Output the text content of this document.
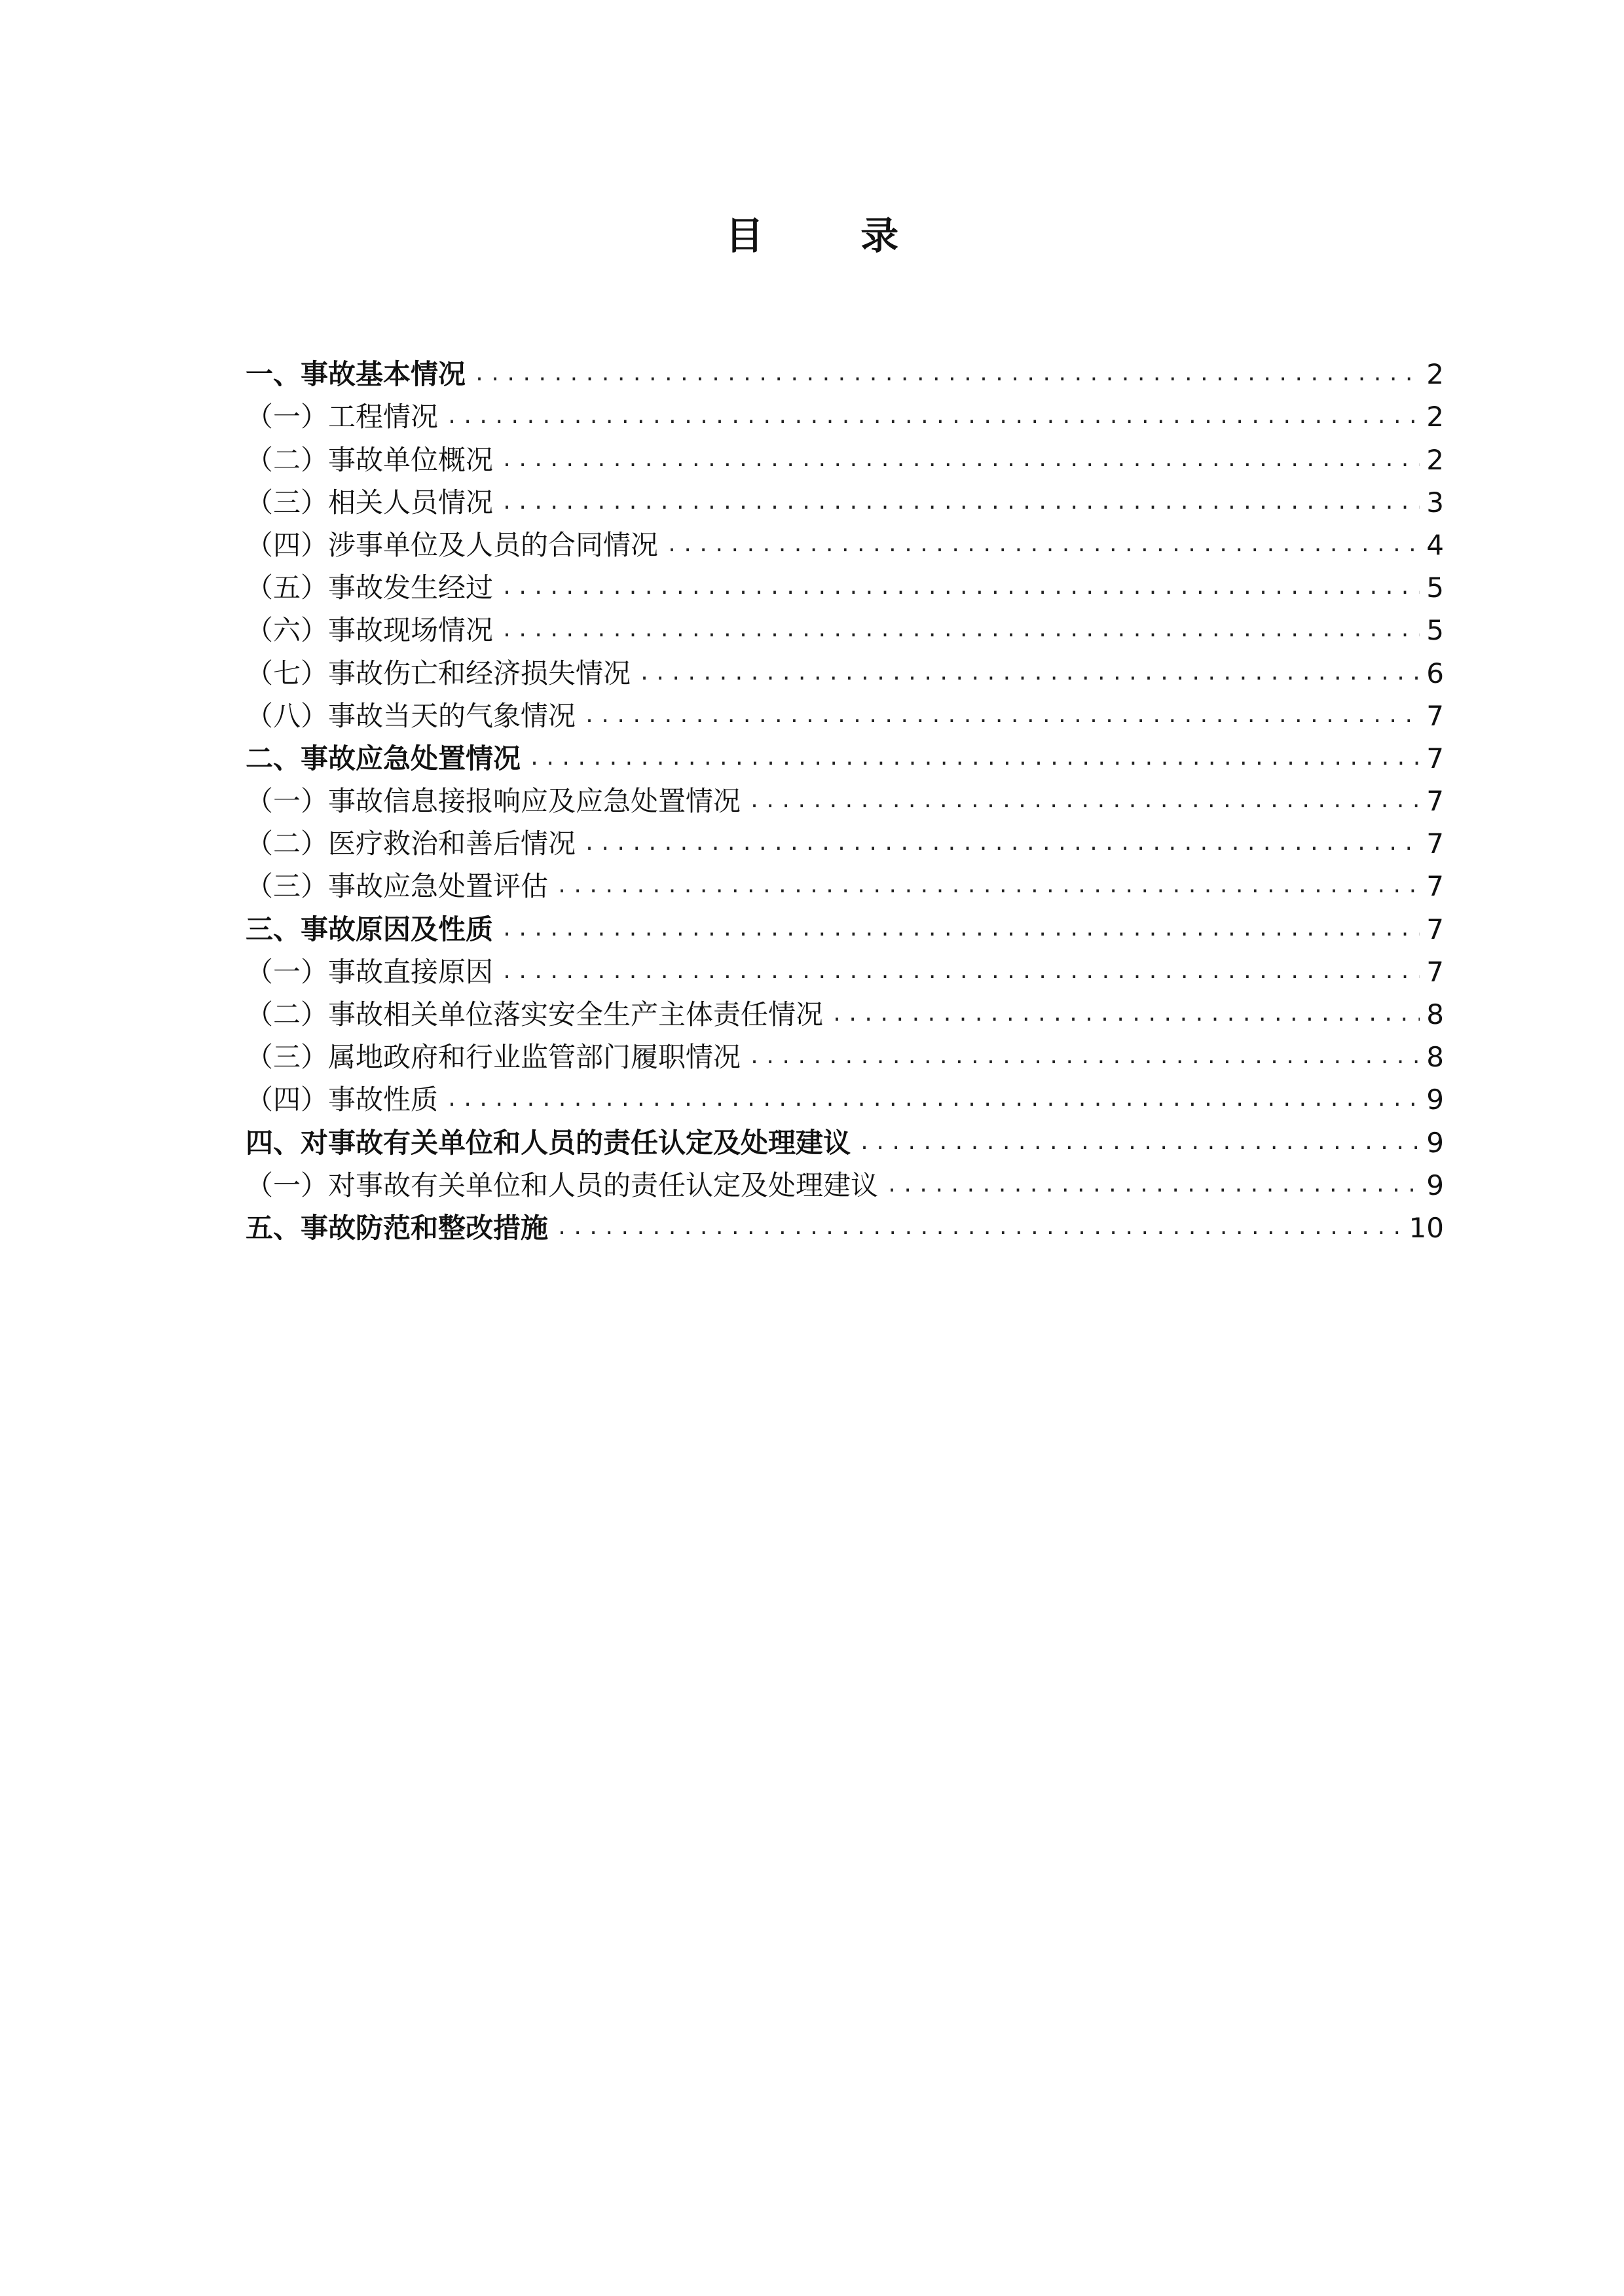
目 录
一、事故基本情况 .....	2
（一）工程情况 .....	2
（二）事故单位概况 .....	2
（三）相关人员情况 .....	3
（四）涉事单位及人员的合同情况 .....	4
（五）事故发生经过 .....	5
（六）事故现场情况 .....	5
（七）事故伤亡和经济损失情况 .....	6
（八）事故当天的气象情况 .....	7
二、事故应急处置情况 .....	7
（一）事故信息接报响应及应急处置情况 .....	7
（二）医疗救治和善后情况 .....	7
（三）事故应急处置评估 .....	7
三、事故原因及性质 .....	7
（一）事故直接原因 .....	7
（二）事故相关单位落实安全生产主体责任情况 .....	8
（三）属地政府和行业监管部门履职情况 .....	8
（四）事故性质 .....	9
四、对事故有关单位和人员的责任认定及处理建议 .....	9
（一）对事故有关单位和人员的责任认定及处理建议 .....	9
五、事故防范和整改措施 .....	10
